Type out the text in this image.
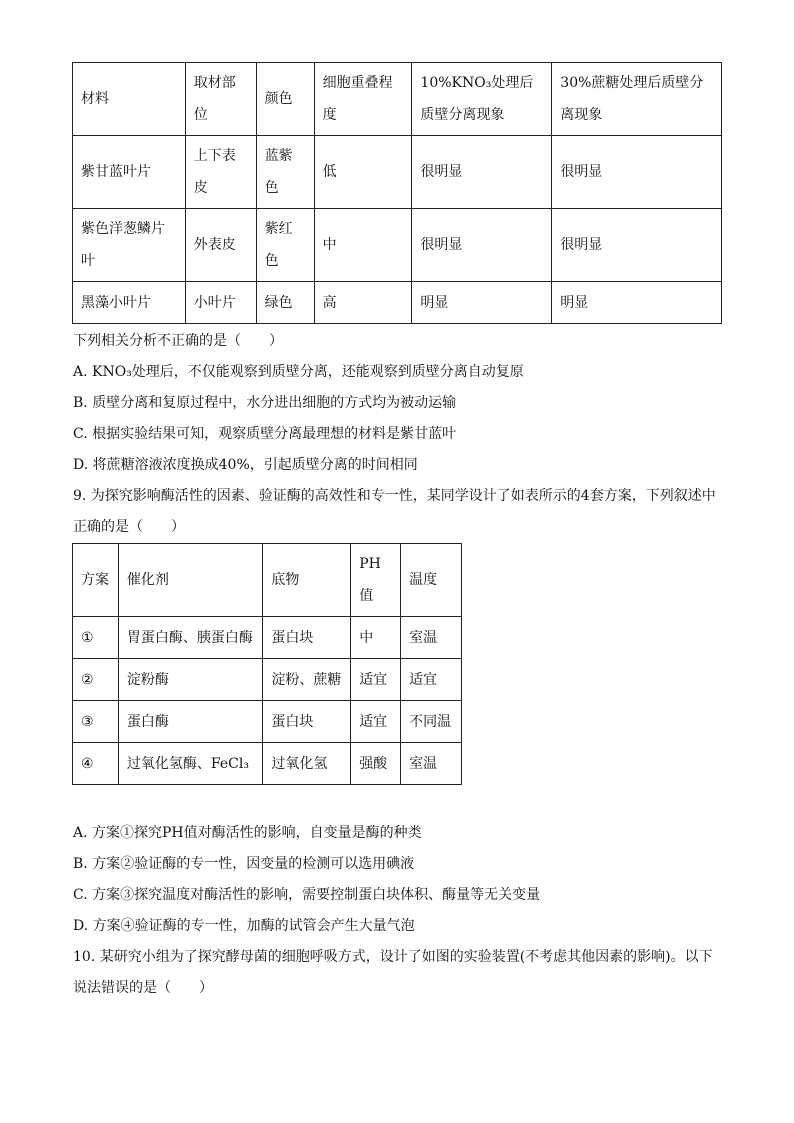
材料	取材部位	颜色	细胞重叠程度	10%KNO₃处理后质壁分离现象	30%蔗糖处理后质壁分离现象
紫甘蓝叶片	上下表皮	蓝紫色	低	很明显	很明显
紫色洋葱鳞片叶	外表皮	紫红色	中	很明显	很明显
黑藻小叶片	小叶片	绿色	高	明显	明显
下列相关分析不正确的是（　　）
A. KNO₃处理后，不仅能观察到质壁分离，还能观察到质壁分离自动复原
B. 质壁分离和复原过程中，水分进出细胞的方式均为被动运输
C. 根据实验结果可知，观察质壁分离最理想的材料是紫甘蓝叶
D. 将蔗糖溶液浓度换成40%，引起质壁分离的时间相同
9. 为探究影响酶活性的因素、验证酶的高效性和专一性，某同学设计了如表所示的4套方案，下列叙述中
正确的是（　　）
方案	催化剂	底物	PH值	温度
①	胃蛋白酶、胰蛋白酶	蛋白块	中	室温
②	淀粉酶	淀粉、蔗糖	适宜	适宜
③	蛋白酶	蛋白块	适宜	不同温
④	过氧化氢酶、FeCl₃	过氧化氢	强酸	室温
A. 方案①探究PH值对酶活性的影响，自变量是酶的种类
B. 方案②验证酶的专一性，因变量的检测可以选用碘液
C. 方案③探究温度对酶活性的影响，需要控制蛋白块体积、酶量等无关变量
D. 方案④验证酶的专一性，加酶的试管会产生大量气泡
10. 某研究小组为了探究酵母菌的细胞呼吸方式，设计了如图的实验装置(不考虑其他因素的影响)。以下
说法错误的是（　　）
